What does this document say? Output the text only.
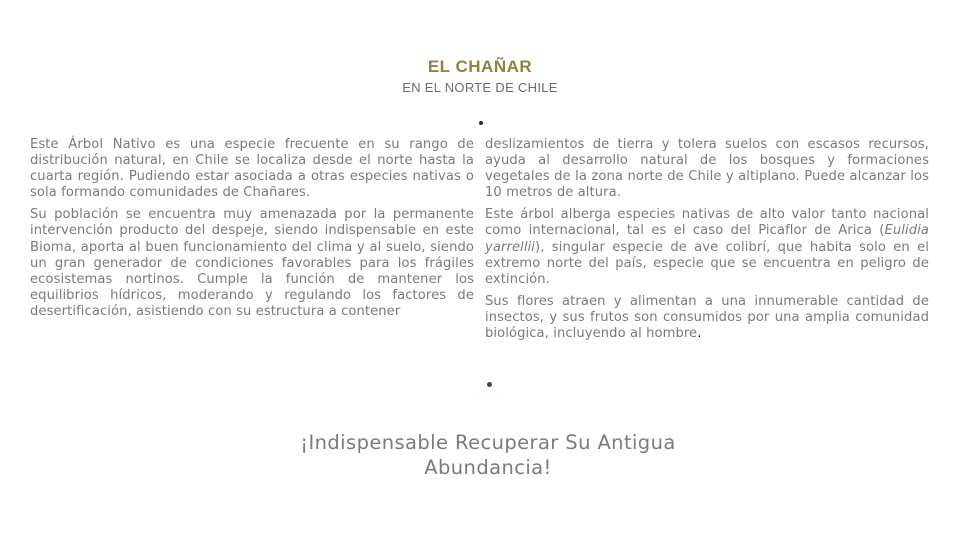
EL CHAÑAR
EN EL NORTE DE CHILE

Este Árbol Nativo es una especie frecuente en su rango de distribución natural, en Chile se localiza desde el norte hasta la cuarta región. Pudiendo estar asociada a otras especies nativas o sola formando comunidades de Chañares.

Su población se encuentra muy amenazada por la permanente intervención producto del despeje, siendo indispensable en este Bioma, aporta al buen funcionamiento del clima y al suelo, siendo un gran generador de condiciones favorables para los frágiles ecosistemas nortinos. Cumple la función de mantener los equilibrios hídricos, moderando y regulando los factores de desertificación, asistiendo con su estructura a contener

deslizamientos de tierra y tolera suelos con escasos recursos, ayuda al desarrollo natural de los bosques y formaciones vegetales de la zona norte de Chile y altiplano. Puede alcanzar los 10 metros de altura.

Este árbol alberga especies nativas de alto valor tanto nacional como internacional, tal es el caso del Picaflor de Arica (Eulidia yarrellii), singular especie de ave colibrí, que habita solo en el extremo norte del país, especie que se encuentra en peligro de extinción.

Sus flores atraen y alimentan a una innumerable cantidad de insectos, y sus frutos son consumidos por una amplia comunidad biológica, incluyendo al hombre.

¡Indispensable Recuperar Su Antigua
Abundancia!
